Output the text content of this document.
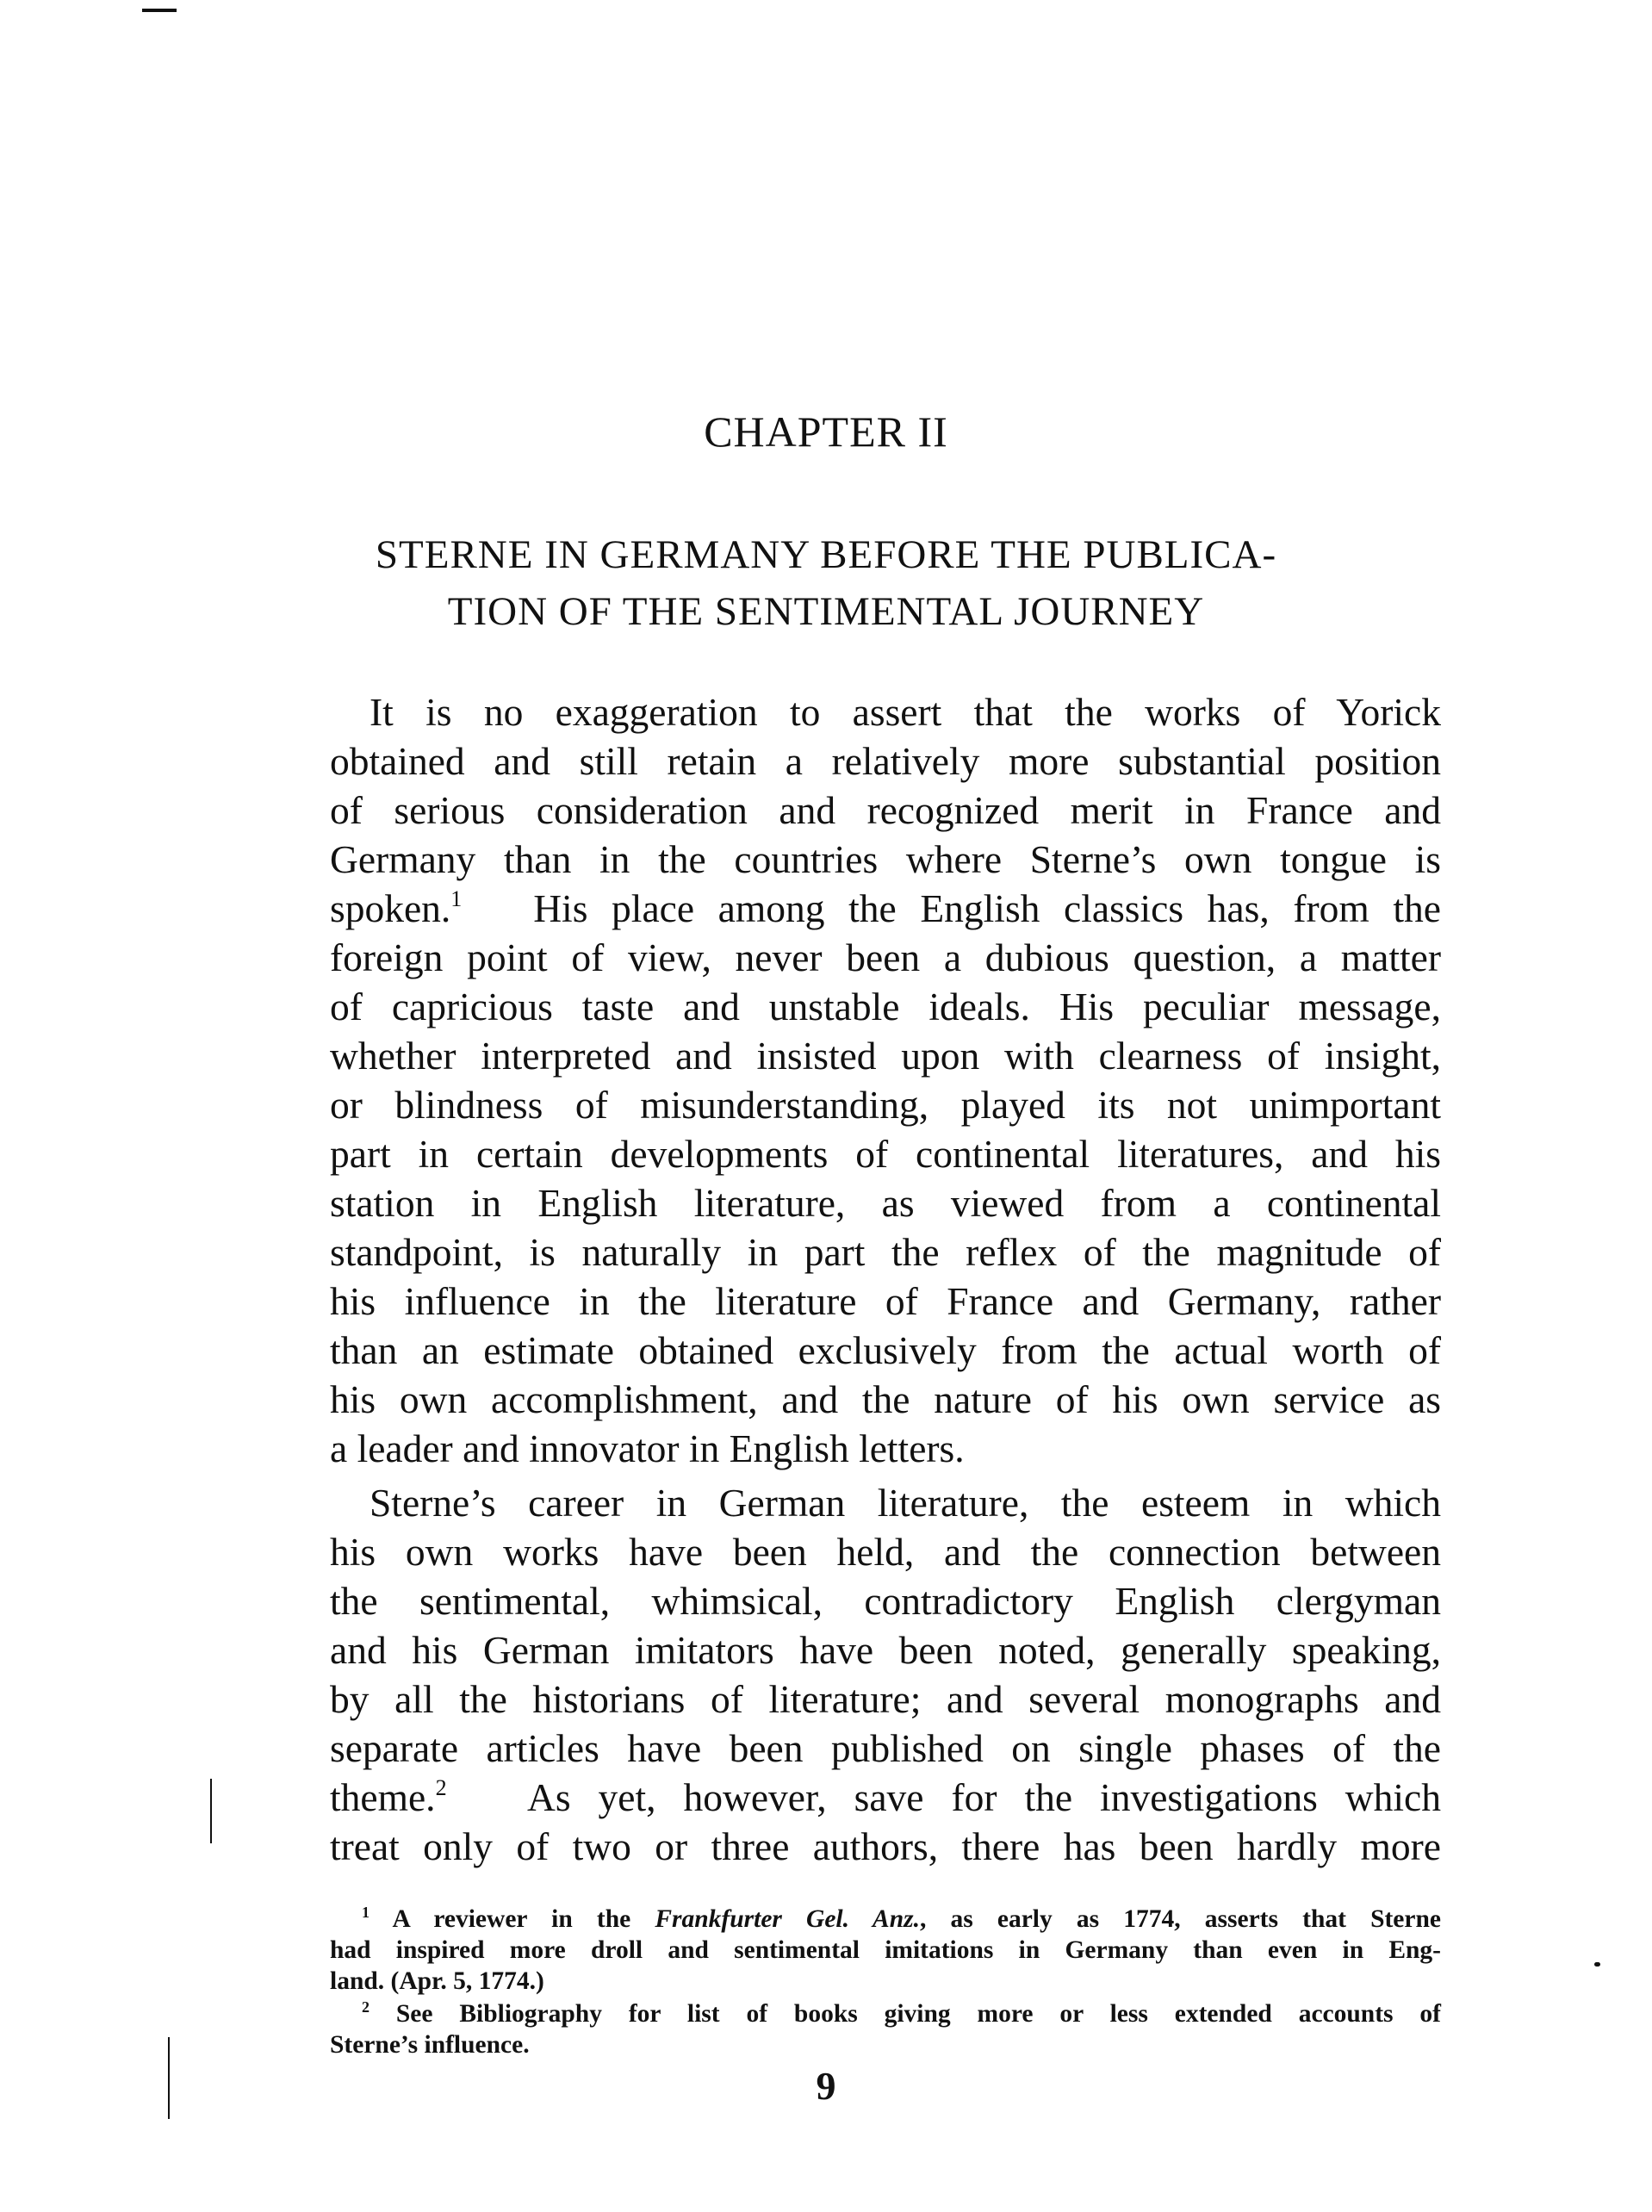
CHAPTER II
STERNE IN GERMANY BEFORE THE PUBLICA-
TION OF THE SENTIMENTAL JOURNEY
It is no exaggeration to assert that the works of Yorick
obtained and still retain a relatively more substantial position
of serious consideration and recognized merit in France and
Germany than in the countries where Sterne’s own tongue is
spoken.$^1$ His place among the English classics has, from the
foreign point of view, never been a dubious question, a matter
of capricious taste and unstable ideals. His peculiar message,
whether interpreted and insisted upon with clearness of insight,
or blindness of misunderstanding, played its not unimportant
part in certain developments of continental literatures, and his
station in English literature, as viewed from a continental
standpoint, is naturally in part the reflex of the magnitude of
his influence in the literature of France and Germany, rather
than an estimate obtained exclusively from the actual worth of
his own accomplishment, and the nature of his own service as
a leader and innovator in English letters.
Sterne’s career in German literature, the esteem in which
his own works have been held, and the connection between
the sentimental, whimsical, contradictory English clergyman
and his German imitators have been noted, generally speaking,
by all the historians of literature; and several monographs and
separate articles have been published on single phases of the
theme.$^2$ As yet, however, save for the investigations which
treat only of two or three authors, there has been hardly more
$^1$ A reviewer in the Frankfurter Gel. Anz., as early as 1774, asserts that Sterne
had inspired more droll and sentimental imitations in Germany than even in Eng-
land. (Apr. 5, 1774.)
$^2$ See Bibliography for list of books giving more or less extended accounts of
Sterne’s influence.
9
